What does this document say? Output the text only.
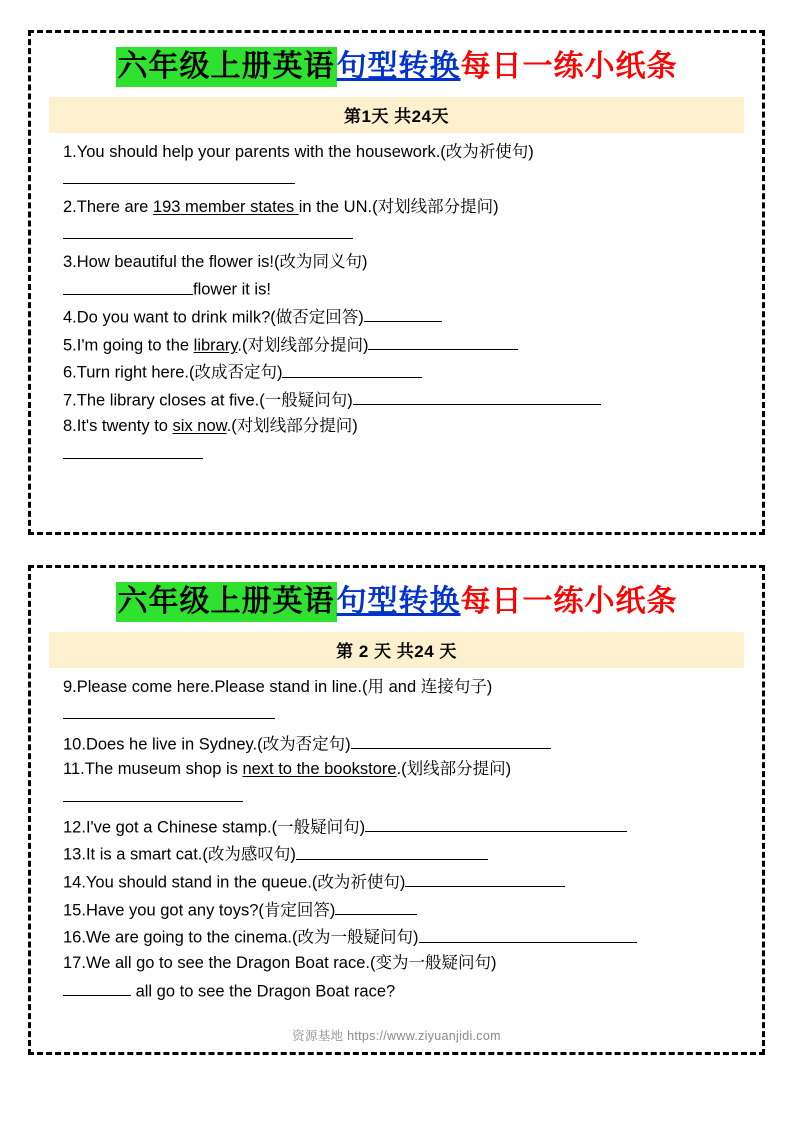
六年级上册英语 句型转换 每日一练小纸条
第1天 共24天
1.You should help your parents with the housework.(改为祈使句)
2.There are 193 member states in the UN.(对划线部分提问)
3.How beautiful the flower is!(改为同义句)
flower it is!
4.Do you want to drink milk?(做否定回答)
5.I'm going to the library.(对划线部分提问)
6.Turn right here.(改成否定句)
7.The library closes at five.(一般疑问句)
8.It's twenty to six now.(对划线部分提问)
六年级上册英语 句型转换 每日一练小纸条
第 2 天 共24 天
9.Please come here.Please stand in line.(用 and 连接句子)
10.Does he live in Sydney.(改为否定句)
11.The museum shop is next to the bookstore.(划线部分提问)
12.I've got a Chinese stamp.(一般疑问句)
13.It is a smart cat.(改为感叹句)
14.You should stand in the queue.(改为祈使句)
15.Have you got any toys?(肯定回答)
16.We are going to the cinema.(改为一般疑问句)
17.We all go to see the Dragon Boat race.(变为一般疑问句)
all go to see the Dragon Boat race?
资源基地 https://www.ziyuanjidi.com
